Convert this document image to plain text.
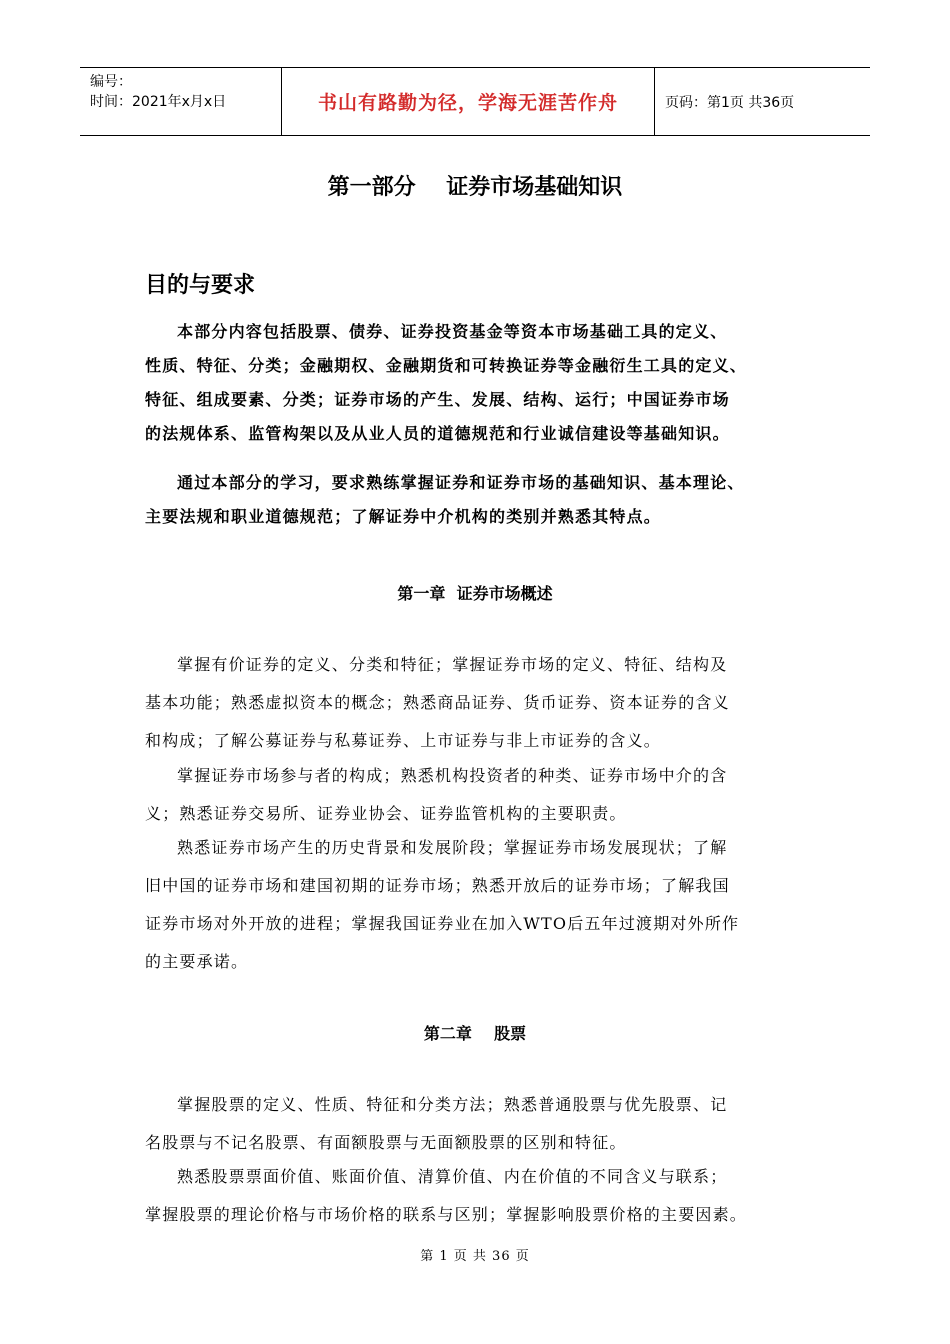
编号：
时间：2021年x月x日	书山有路勤为径，学海无涯苦作舟	页码：第1页 共36页
第一部分    证券市场基础知识
目的与要求

本部分内容包括股票、债券、证券投资基金等资本市场基础工具的定义、
性质、特征、分类；金融期权、金融期货和可转换证券等金融衍生工具的定义、
特征、组成要素、分类；证券市场的产生、发展、结构、运行；中国证券市场
的法规体系、监管构架以及从业人员的道德规范和行业诚信建设等基础知识。

通过本部分的学习，要求熟练掌握证券和证券市场的基础知识、基本理论、
主要法规和职业道德规范；了解证券中介机构的类别并熟悉其特点。

第一章  证券市场概述

掌握有价证券的定义、分类和特征；掌握证券市场的定义、特征、结构及
基本功能；熟悉虚拟资本的概念；熟悉商品证券、货币证券、资本证券的含义
和构成；了解公募证券与私募证券、上市证券与非上市证券的含义。

掌握证券市场参与者的构成；熟悉机构投资者的种类、证券市场中介的含
义；熟悉证券交易所、证券业协会、证券监管机构的主要职责。

熟悉证券市场产生的历史背景和发展阶段；掌握证券市场发展现状；了解
旧中国的证券市场和建国初期的证券市场；熟悉开放后的证券市场；了解我国
证券市场对外开放的进程；掌握我国证券业在加入WTO后五年过渡期对外所作
的主要承诺。

第二章    股票

掌握股票的定义、性质、特征和分类方法；熟悉普通股票与优先股票、记
名股票与不记名股票、有面额股票与无面额股票的区别和特征。

熟悉股票票面价值、账面价值、清算价值、内在价值的不同含义与联系；
掌握股票的理论价格与市场价格的联系与区别；掌握影响股票价格的主要因素。

第 1 页 共 36 页
